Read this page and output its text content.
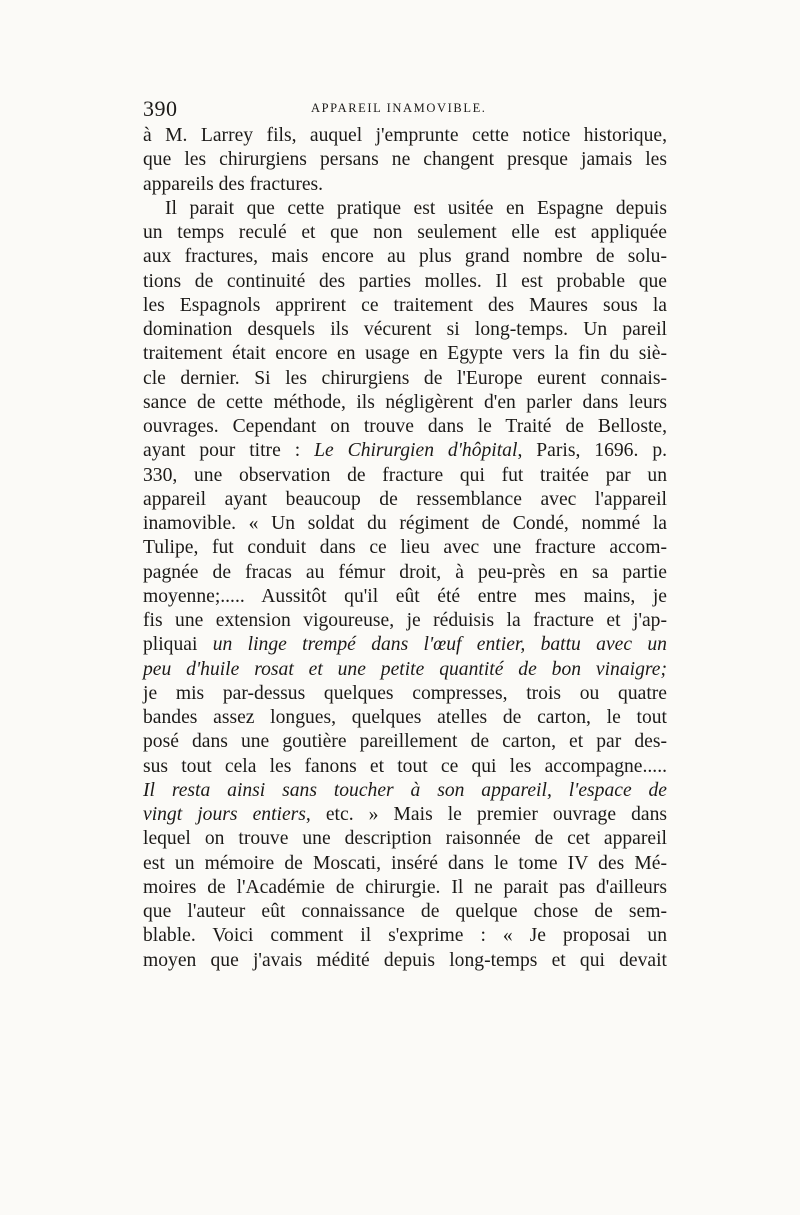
390	APPAREIL INAMOVIBLE.
à M. Larrey fils, auquel j'emprunte cette notice historique,
que les chirurgiens persans ne changent presque jamais les
appareils des fractures.
Il parait que cette pratique est usitée en Espagne depuis
un temps reculé et que non seulement elle est appliquée
aux fractures, mais encore au plus grand nombre de solu-
tions de continuité des parties molles. Il est probable que
les Espagnols apprirent ce traitement des Maures sous la
domination desquels ils vécurent si long-temps. Un pareil
traitement était encore en usage en Egypte vers la fin du siè-
cle dernier. Si les chirurgiens de l'Europe eurent connais-
sance de cette méthode, ils négligèrent d'en parler dans leurs
ouvrages. Cependant on trouve dans le Traité de Belloste,
ayant pour titre : Le Chirurgien d'hôpital, Paris, 1696. p.
330, une observation de fracture qui fut traitée par un
appareil ayant beaucoup de ressemblance avec l'appareil
inamovible. « Un soldat du régiment de Condé, nommé la
Tulipe, fut conduit dans ce lieu avec une fracture accom-
pagnée de fracas au fémur droit, à peu-près en sa partie
moyenne;..... Aussitôt qu'il eût été entre mes mains, je
fis une extension vigoureuse, je réduisis la fracture et j'ap-
pliquai un linge trempé dans l'œuf entier, battu avec un
peu d'huile rosat et une petite quantité de bon vinaigre;
je mis par-dessus quelques compresses, trois ou quatre
bandes assez longues, quelques atelles de carton, le tout
posé dans une goutière pareillement de carton, et par des-
sus tout cela les fanons et tout ce qui les accompagne.....
Il resta ainsi sans toucher à son appareil, l'espace de
vingt jours entiers, etc. » Mais le premier ouvrage dans
lequel on trouve une description raisonnée de cet appareil
est un mémoire de Moscati, inséré dans le tome IV des Mé-
moires de l'Académie de chirurgie. Il ne parait pas d'ailleurs
que l'auteur eût connaissance de quelque chose de sem-
blable. Voici comment il s'exprime : « Je proposai un
moyen que j'avais médité depuis long-temps et qui devait
